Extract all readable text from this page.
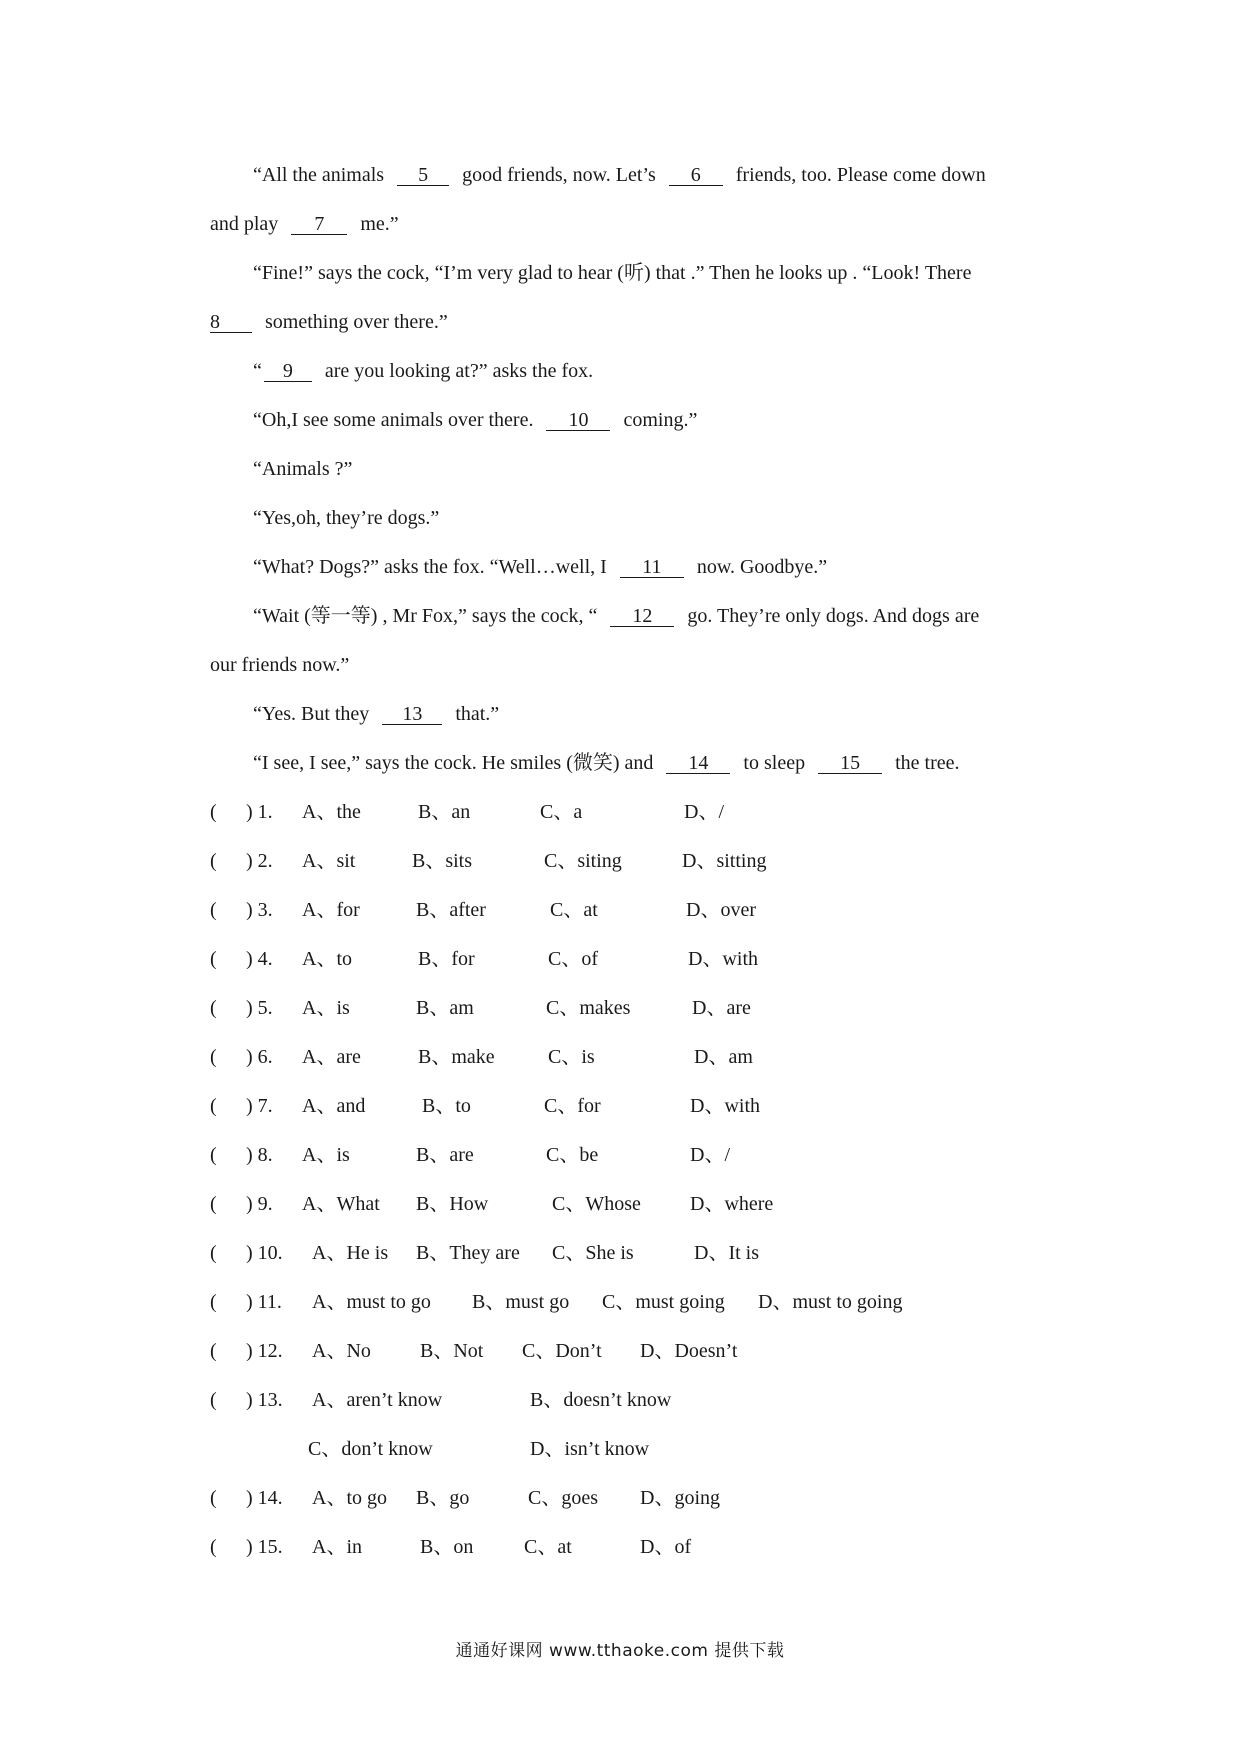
“All the animals 5 good friends, now. Let’s 6 friends, too. Please come down
and play 7 me.”
“Fine!” says the cock, “I’m very glad to hear (听) that .” Then he looks up . “Look! There
8 something over there.”
“ 9 are you looking at?” asks the fox.
“Oh,I see some animals over there. 10 coming.”
“Animals ?”
“Yes,oh, they’re dogs.”
“What? Dogs?” asks the fox. “Well…well, I 11 now. Goodbye.”
“Wait (等一等) , Mr Fox,” says the cock, “ 12 go. They’re only dogs. And dogs are
our friends now.”
“Yes. But they 13 that.”
“I see, I see,” says the cock. He smiles (微笑) and 14 to sleep 15 the tree.
( ) 1. A、the	B、an	C、a	D、/
( ) 2. A、sit	B、sits	C、siting	D、sitting
( ) 3. A、for	B、after	C、at	D、over
( ) 4. A、to	B、for	C、of	D、with
( ) 5. A、is	B、am	C、makes	D、are
( ) 6. A、are	B、make	C、is	D、am
( ) 7. A、and	B、to	C、for	D、with
( ) 8. A、is	B、are	C、be	D、/
( ) 9. A、What B、How	C、Whose D、where
( ) 10. A、He is B、They are C、She is	D、It is
( ) 11. A、must to go B、must go C、must going D、must to going
( ) 12. A、No B、Not C、Don’t D、Doesn’t
( ) 13. A、aren’t know	B、doesn’t know
C、don’t know	D、isn’t know
( ) 14. A、to go B、go	C、goes D、going
( ) 15. A、in	B、on	C、at	D、of
通通好课网 www.tthaoke.com 提供下载
